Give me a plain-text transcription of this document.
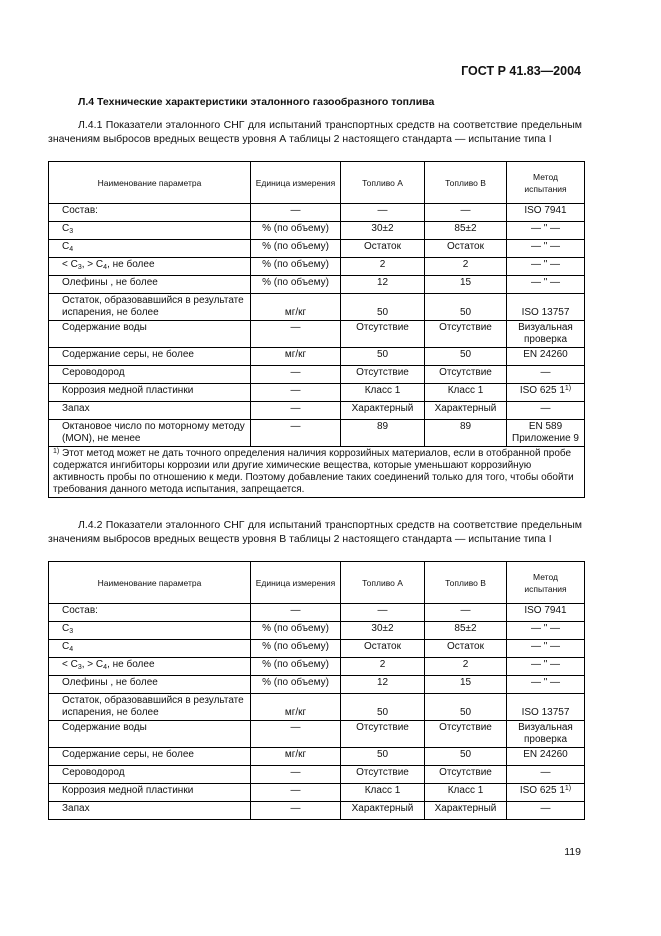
ГОСТ Р 41.83—2004
Л.4 Технические характеристики эталонного газообразного топлива
Л.4.1 Показатели эталонного СНГ для испытаний транспортных средств на соответствие предельным значениям выбросов вредных веществ уровня А таблицы 2 настоящего стандарта — испытание типа I
Наименование параметра	Единица измерения	Топливо А	Топливо В	Метод испытания
Состав:	—	—	—	ISO 7941
$C_3$	% (по объему)	30±2	85±2	— " —
$C_4$	% (по объему)	Остаток	Остаток	— " —
< $C_3$, > $C_4$, не более	% (по объему)	2	2	— " —
Олефины , не более	% (по объему)	12	15	— " —
Остаток, образовавшийся в результате испарения, не более	мг/кг	50	50	ISO 13757
Содержание воды	—	Отсутствие	Отсутствие	Визуальная проверка
Содержание серы, не более	мг/кг	50	50	EN 24260
Сероводород	—	Отсутствие	Отсутствие	—
Коррозия медной пластинки	—	Класс 1	Класс 1	ISO 625 1$^{1)}$
Запах	—	Характерный	Характерный	—
Октановое число по моторному методу (MON), не менее	—	89	89	EN 589
Приложение 9

$^{1)}$ Этот метод может не дать точного определения наличия коррозийных материалов, если в отобранной пробе содержатся ингибиторы коррозии или другие химические вещества, которые уменьшают коррозийную активность пробы по отношению к меди. Поэтому добавление таких соединений только для того, чтобы обойти требования данного метода испытания, запрещается.				
Л.4.2 Показатели эталонного СНГ для испытаний транспортных средств на соответствие предельным значениям выбросов вредных веществ уровня В таблицы 2 настоящего стандарта — испытание типа I
Наименование параметра	Единица измерения	Топливо А	Топливо В	Метод испытания
Состав:	—	—	—	ISO 7941
$C_3$	% (по объему)	30±2	85±2	— " —
$C_4$	% (по объему)	Остаток	Остаток	— " —
< $C_3$, > $C_4$, не более	% (по объему)	2	2	— " —
Олефины , не более	% (по объему)	12	15	— " —
Остаток, образовавшийся в результате испарения, не более	мг/кг	50	50	ISO 13757
Содержание воды	—	Отсутствие	Отсутствие	Визуальная проверка
Содержание серы, не более	мг/кг	50	50	EN 24260
Сероводород	—	Отсутствие	Отсутствие	—
Коррозия медной пластинки	—	Класс 1	Класс 1	ISO 625 1$^{1)}$
Запах	—	Характерный	Характерный	—
119
